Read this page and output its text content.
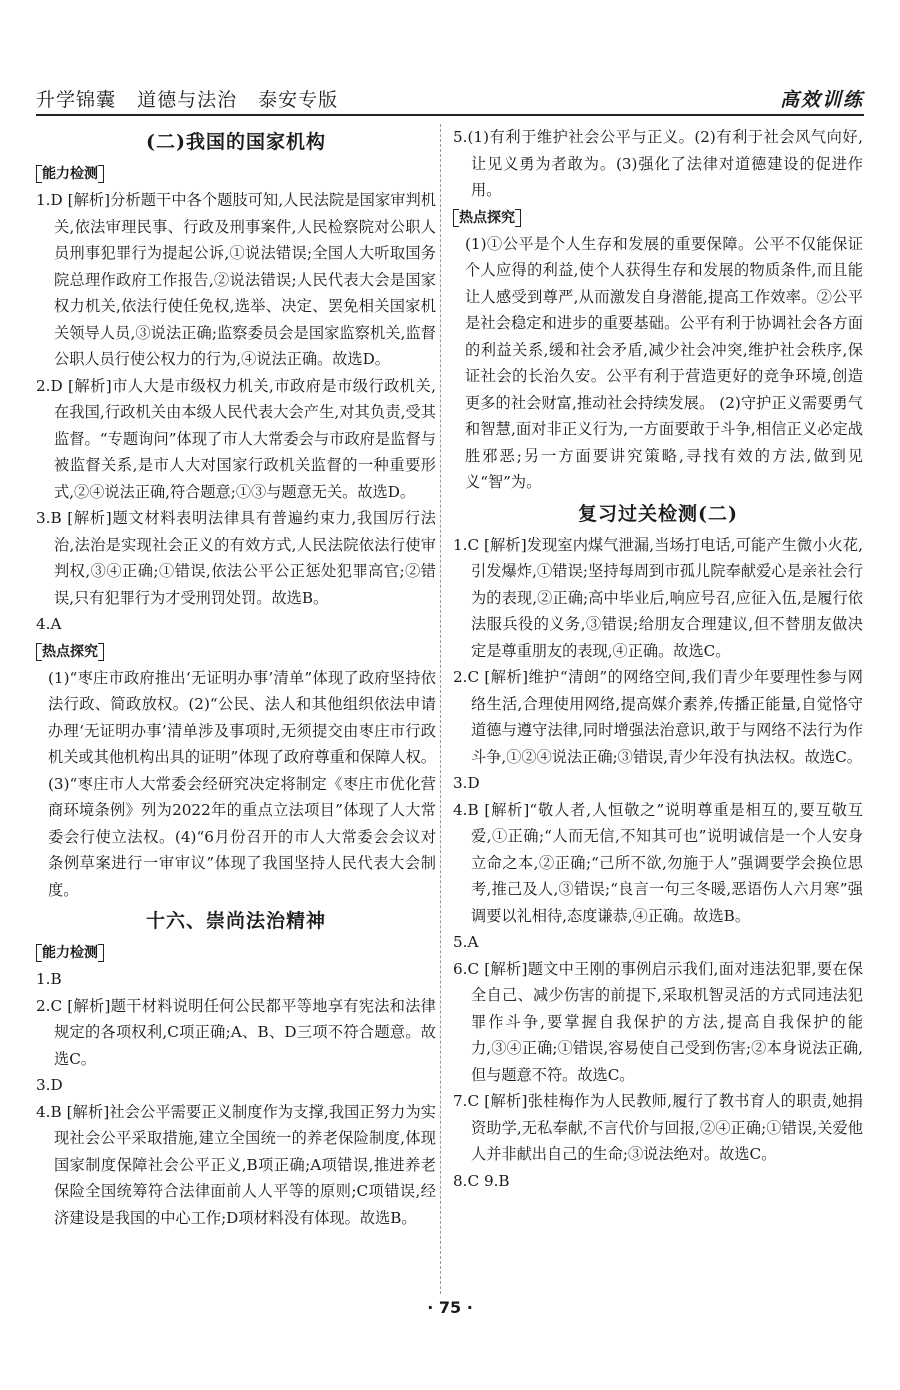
升学锦囊 道德与法治 泰安专版	高效训练
(二)我国的国家机构
能力检测

1.D [解析]分析题干中各个题肢可知,人民法院是国家审判机关,依法审理民事、行政及刑事案件,人民检察院对公职人员刑事犯罪行为提起公诉,①说法错误;全国人大听取国务院总理作政府工作报告,②说法错误;人民代表大会是国家权力机关,依法行使任免权,选举、决定、罢免相关国家机关领导人员,③说法正确;监察委员会是国家监察机关,监督公职人员行使公权力的行为,④说法正确。故选D。

2.D [解析]市人大是市级权力机关,市政府是市级行政机关,在我国,行政机关由本级人民代表大会产生,对其负责,受其监督。“专题询问”体现了市人大常委会与市政府是监督与被监督关系,是市人大对国家行政机关监督的一种重要形式,②④说法正确,符合题意;①③与题意无关。故选D。

3.B [解析]题文材料表明法律具有普遍约束力,我国厉行法治,法治是实现社会正义的有效方式,人民法院依法行使审判权,③④正确;①错误,依法公平公正惩处犯罪高官;②错误,只有犯罪行为才受刑罚处罚。故选B。

4.A

热点探究

(1)“枣庄市政府推出‘无证明办事’清单”体现了政府坚持依法行政、简政放权。(2)“公民、法人和其他组织依法申请办理‘无证明办事’清单涉及事项时,无须提交由枣庄市行政机关或其他机构出具的证明”体现了政府尊重和保障人权。(3)“枣庄市人大常委会经研究决定将制定《枣庄市优化营商环境条例》列为2022年的重点立法项目”体现了人大常委会行使立法权。(4)“6月份召开的市人大常委会会议对条例草案进行一审审议”体现了我国坚持人民代表大会制度。

十六、崇尚法治精神
能力检测

1.B

2.C [解析]题干材料说明任何公民都平等地享有宪法和法律规定的各项权利,C项正确;A、B、D三项不符合题意。故选C。

3.D

4.B [解析]社会公平需要正义制度作为支撑,我国正努力为实现社会公平采取措施,建立全国统一的养老保险制度,体现国家制度保障社会公平正义,B项正确;A项错误,推进养老保险全国统筹符合法律面前人人平等的原则;C项错误,经济建设是我国的中心工作;D项材料没有体现。故选B。

5.(1)有利于维护社会公平与正义。(2)有利于社会风气向好,让见义勇为者敢为。(3)强化了法律对道德建设的促进作用。

热点探究

(1)①公平是个人生存和发展的重要保障。公平不仅能保证个人应得的利益,使个人获得生存和发展的物质条件,而且能让人感受到尊严,从而激发自身潜能,提高工作效率。②公平是社会稳定和进步的重要基础。公平有利于协调社会各方面的利益关系,缓和社会矛盾,减少社会冲突,维护社会秩序,保证社会的长治久安。公平有利于营造更好的竞争环境,创造更多的社会财富,推动社会持续发展。 (2)守护正义需要勇气和智慧,面对非正义行为,一方面要敢于斗争,相信正义必定战胜邪恶;另一方面要讲究策略,寻找有效的方法,做到见义“智”为。

复习过关检测(二)

1.C [解析]发现室内煤气泄漏,当场打电话,可能产生微小火花,引发爆炸,①错误;坚持每周到市孤儿院奉献爱心是亲社会行为的表现,②正确;高中毕业后,响应号召,应征入伍,是履行依法服兵役的义务,③错误;给朋友合理建议,但不替朋友做决定是尊重朋友的表现,④正确。故选C。

2.C [解析]维护“清朗”的网络空间,我们青少年要理性参与网络生活,合理使用网络,提高媒介素养,传播正能量,自觉恪守道德与遵守法律,同时增强法治意识,敢于与网络不法行为作斗争,①②④说法正确;③错误,青少年没有执法权。故选C。

3.D

4.B [解析]“敬人者,人恒敬之”说明尊重是相互的,要互敬互爱,①正确;“人而无信,不知其可也”说明诚信是一个人安身立命之本,②正确;“己所不欲,勿施于人”强调要学会换位思考,推己及人,③错误;“良言一句三冬暖,恶语伤人六月寒”强调要以礼相待,态度谦恭,④正确。故选B。

5.A

6.C [解析]题文中王刚的事例启示我们,面对违法犯罪,要在保全自己、减少伤害的前提下,采取机智灵活的方式同违法犯罪作斗争,要掌握自我保护的方法,提高自我保护的能力,③④正确;①错误,容易使自己受到伤害;②本身说法正确,但与题意不符。故选C。

7.C [解析]张桂梅作为人民教师,履行了教书育人的职责,她捐资助学,无私奉献,不言代价与回报,②④正确;①错误,关爱他人并非献出自己的生命;③说法绝对。故选C。

8.C 9.B

· 75 ·
